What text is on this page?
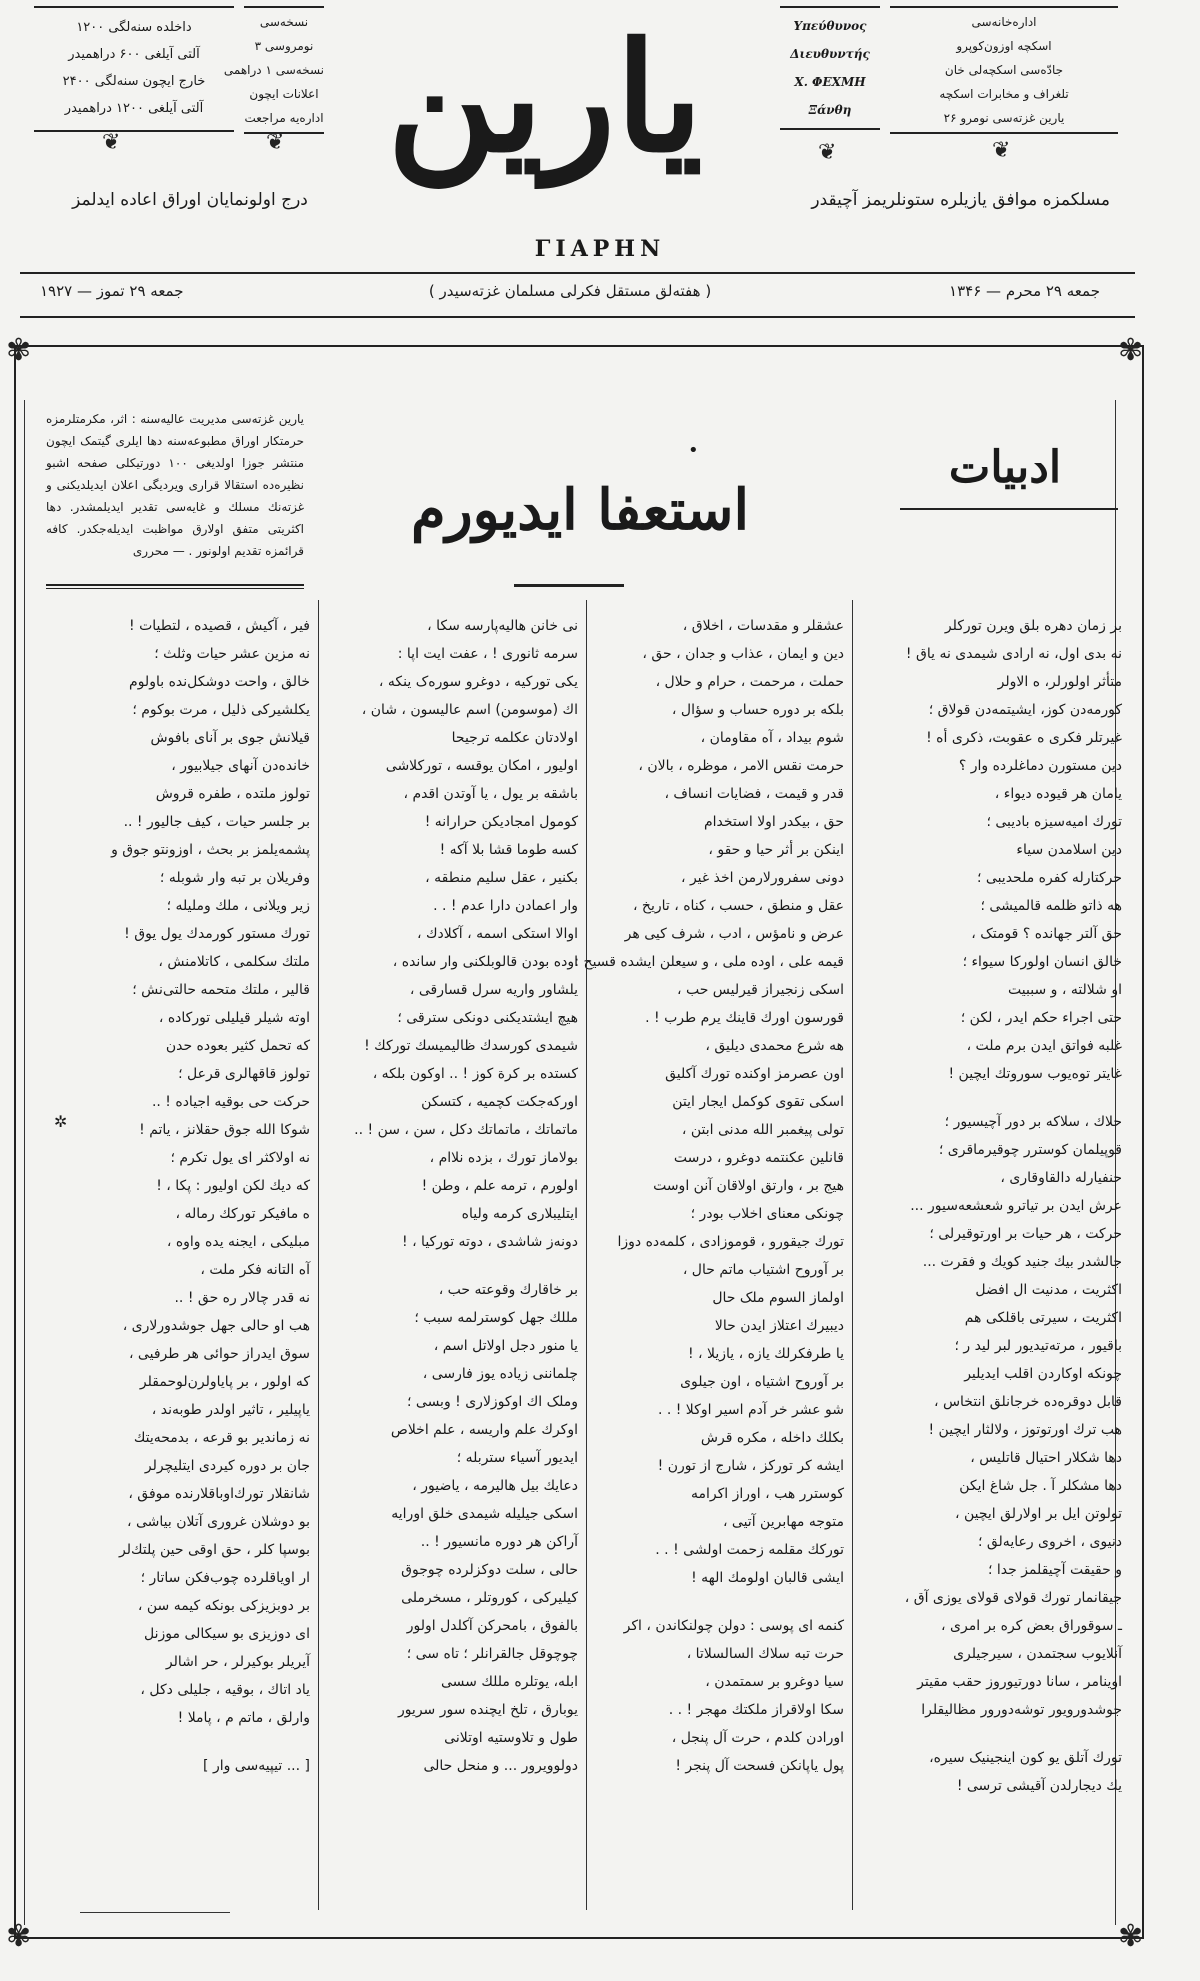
داخلده سنه‌لگی ۱۲۰۰
آلتی آیلغی ۶۰۰ دراهمیدر
خارج ایچون سنه‌لگی ۲۴۰۰
آلتی آیلغی ۱۲۰۰ دراهمیدر
❦
نسخه‌سی
نومروسی ۳
نسخه‌سی ۱ دراهمی
اعلانات ایچون
اداره‌یه مراجعت
❦ یارین
ΓΙΑΡΗΝ
Υπεύθυνος
Διευθυντής
Χ. ΦΕΧΜΗ
Ξάνθη
❦
اداره‌خانه‌سی
اسکچه اوزون‌کوپرو
جادّه‌سی اسکچه‌لی خان
تلغراف و مخابرات اسکچه
یارین غزته‌سی نومرو ۲۶
❦
مسلکمزه موافق یازیلره ستونلریمز آچیقدر
درج اولونمایان اوراق اعاده ایدلمز
جمعه ۲۹ تموز — ۱۹۲۷	( هفته‌لق مستقل فکرلی مسلمان غزته‌سیدر )	جمعه ۲۹ محرم — ۱۳۴۶
✾	✾
✾	✾
یارین غزته‌سی مدیریت عالیه‌سنه : اثر، مکرمتلرمزه حرمتکار اوراق مطبوعه‌سنه دها ایلری گیتمک ایچون منتشر جوزا اولدیغی ۱۰۰ دورتیکلی صفحه اشبو نظیره‌ده استقالا قراری ویردیگی اعلان ایدیلدیکنی و غزته‌نك مسلك و غایه‌سی تقدیر ایدیلمشدر. دها اکثریتی متفق اولارق مواظبت ایدیله‌جکدر. کافه قرائمزه تقدیم اولونور . — محرری
•
استعفا ایدیورم
ادبیات
بر زمان دهره بلق ویرن تورکلر
نه بدی اول، نه ارادی شیمدی نه یاق !
متأثر اولورلر، ه الاولر
کورمه‌دن کوز، ایشیتمه‌دن قولاق ؛
غیرتلر فکری ه عقوبت، ذکری أه !
دین مستورن دماغلرده وار ؟
یامان هر قیوده دیواء ،
تورك امیه‌سیزه بادیبی ؛
دین اسلامدن سیاء
حرکتارله کفره ملحدیبی ؛
هه ذاتو ظلمه قالمیشی ؛
حق آلتر جهانده ؟ قومتک ،
خالق انسان اولورکا سیواء ؛
او شلالته ، و سببیت
حتی اجراء حکم ایدر ، لکن ؛
غلبه فواتق ایدن برم ملت ،
غایتر توه‌یوب سوروتك ایچین !
حلاك ، سلاكه بر دور آچیسیور ؛
قوپیلمان کوسترر چوقیرماقری ؛
حنفیارله دالقاوقاری ،
عرش ایدن بر تیاترو شعشعه‌سیور ...
حرکت ، هر حیات بر اورتوقیرلی ؛
جالشدر بیك جنید کویك و فقرت ...
اکثریت ، مدنیت ال افضل
اکثریت ، سیرتی باقلکی هم
باقیور ، مرته‌تیدیور لبر لید ر ؛
چونکه اوکاردن اقلب ایدیلیر
قابل دوقره‌ده خرجانلق انتخاس ،
هب ترك اورتوتوز ، ولالثار ایچین !
دها شکلار احتیال قاتلیس ،
دها مشکلر آ . جل شاغ ایکن
تولوتن ایل بر اولارلق ایچین ،
دنیوی ، اخروی رعایه‌لق ؛
و حقیقت آچیقلمز جدا ؛
جیقانمار تورك قولای قولای یوزی آق ،
ـ سوقوراق بعض کره بر امری ،
آنلایوب سجتمدن ، سیرجیلری
اوینامر ، سانا دورتیوروز حقب مقیتر
جوشدورویور توشه‌دورور مظالیقلرا
تورك آتلق یو کون اینجینیک سیره،
یك دیجارلدن آقیشی ترسی !
عشقلر و مقدسات ، اخلاق ،
دین و ایمان ، عذاب و جدان ، حق ،
حملت ، مرحمت ، حرام و حلال ،
بلکه بر دوره حساب و سؤال ،
شوم بیداد ، آه مقاومان ،
حرمت نقس الامر ، موظره ، بالان ،
قدر و قیمت ، فضایات انساف ،
حق ، بیکدر اولا استخدام
اینکن بر أثر حیا و حقو ،
دونی سفرورلارمن اخذ غیر ،
عقل و منطق ، حسب ، کناه ، تاریخ ،
عرض و نامؤس ، ادب ، شرف کیی هر
قیمه علی ، اوده ملی ، و سیعلن ایشده قسیح :
اسکی زنجیراز قیرلیس حب ،
قورسون اورك قاینك یرم طرب ! .
هه شرع محمدی دیلیق ،
اون عصرمز اوکنده تورك آکلیق
اسکی تقوی کوکمل ایجار ایتن
تولی پیغمبر الله مدنی ابتن ،
قانلین عکنتمه دوغرو ، درست
هیج بر ، وارتق اولاقان آنن اوست
چونکی معنای اخلاب بودر ؛
تورك جیقورو ، قوموزادی ، کلمه‌ده دوزا
بر آوروح اشتیاب ماتم حال ،
اولماز السوم ملک حال
دیبیرك اعتلاز ایدن حالا
یا طرفکرلك یازه ، یازیلا ، !
بر آوروح اشتیاه ، اون جیلوی
شو عشر خر آدم اسیر اوکلا ! . .
بکلك داخله ، مکره قرش
ایشه کر تورکز ، شارج از تورن !
کوسترر هب ، اوراز اکرامه
متوجه مهابرین آتیی ،
تورکك مقلمه زحمت اولشی ! . .
ایشی قالبان اولومك الهه !
کنمه ای پوسی : دولن چولنکاندن ، اکر
حرت تبه سلاك السالسلاتا ،
سیا دوغرو بر سمتمدن ،
سکا اولاقراز ملکتك مهجر ! . .
اورادن کلدم ، حرت آل پنجل ،
پول یاپانکن فسحت آل پنجر !
نی خانن هالیه‌پارسه سکا ،
سرمه ثانوری ! ، عفت ایت اپا :
یکی تورکیه ، دوغرو سوره‌ک ینکه ،
اك (موسومن) اسم عالیسون ، شان ،
اولادتان عکلمه ترجیحا
اولیور ، امکان یوقسه ، تورکلاشی
باشقه بر یول ، یا آوتدن اقدم ،
کومول امجادیکن حرارانه !
کسه طوما قشا بلا آکه !
بکنیر ، عقل سلیم منطقه ،
وار اعمادن دارا عدم ! . .
اوالا استکی اسمه ، آکلادك ،
اوده بودن قالوبلکنی وار سانده ،
یلشاور واریه سرل قسارقی ،
هیچ ایشتدیکنی دونکی سترقی ؛
شیمدی کورسدك ظالیمیسك تورکك !
کستده بر کرة کوز ! .. اوکون بلکه ،
اورکه‌جکت کچمیه ، کتسکن
ماتماتك ، ماتماتك دکل ، سن ، سن ! ..
بولاماز تورك ، بزده نلاام ،
اولورم ، ترمه علم ، وطن !
ایتلیبلاری کرمه ولیاه
دونه‌ز شاشدی ، دوته تورکیا ، !
بر خاقارك وقوعته حب ،
مللك جهل کوسترلمه سبب ؛
یا منور دجل اولاتل اسم ،
چلماننی زیاده یوز فارسی ،
وملک اك اوکوزلاری ! وبسی ؛
اوکرك علم واریسه ، علم اخلاص
ایدیور آسیاء ستربله ؛
دعایك بیل هالیرمه ، یاضیور ،
اسکی جیلیله شیمدی خلق اورایه
آراکن هر دوره مانسیور ! ..
حالی ، سلت دوکزلرده چوجوق
کیلیرکی ، کوروتلر ، مسخرملی
بالفوق ، بامحرکن آکلدل اولور
چوچوقل جالقرانلر ؛ تاه سی ؛
ابله، یوتلره مللك سسی
یوبارق ، تلخ ایچنده سور سریور
طول و تلاوستیه اوتلانی
دولوویرور ... و منحل حالی
فیر ، آکیش ، قصیده ، لتطیات !
نه مزین عشر حیات وثلث ؛
خالق ، واحت دوشکل‌نده باولوم
یکلشیرکی ذلیل ، مرت بوکوم ؛
قیلانش جوی بر آنای بافوش
خانده‌دن آنهای جیلابیور ،
تولوز ملتده ، طفره قروش
بر جلسر حیات ، کیف جالیور ! ..
پشمه‌یلمز بر بحث ، اوزونتو جوق و
وفریلان بر تبه وار شوبله ؛
زیر ویلانی ، ملك وملیله ؛
تورك مستور کورمدك یول یوق !
ملتك سکلمی ، کاتلامنش ،
قالیر ، ملتك متحمه حالتی‌نش ؛
اوته شیلر قیلیلی تورکاده ،
که تحمل کثیر بعوده حدن
تولوز قاقهالری قرعل ؛
حرکت حی بوقیه اجیاده ! ..
شوکا الله جوق حقلانز ، یاتم !
نه اولاکثر ای یول تکرم ؛
که دیك لکن اولیور : پکا ، !
ه مافیکر تورکك رماله ،
مبلیکی ، ایجنه یده واوه ،
آه التانه فکر ملت ،
نه قدر چالار ره حق ! ..
هب او حالی جهل جوشدورلاری ،
سوق ایدراز حوائی هر طرفیی ،
که اولور ، بر پایاولرن‌لوحمقلر
یاپیلیر ، تاثیر اولدر طوبه‌ند ،
نه زماندیر بو قرعه ، بدمحه‌یتك
جان بر دوره کیردی ایتلیچرلر
شانقلار تورك‌اوباقلارنده موفق ،
بو دوشلان غروری آتلان بیاشی ،
بوسپا کلر ، حق اوقی حین پلتك‌لر
ار او‌یاقلرده چوب‌فکن ساتار ؛
بر دوبزیزکی بونکه کیمه سن ،
ای دوزیزی بو سیکالی موزنل
آیریلر بوکیرلر ، حر اشالر
یاد اتاك ، بوقیه ، جلیلی دکل ،
وارلق ، ماتم م ، پاملا !
[ ... تیپیه‌سی وار ]
✲
